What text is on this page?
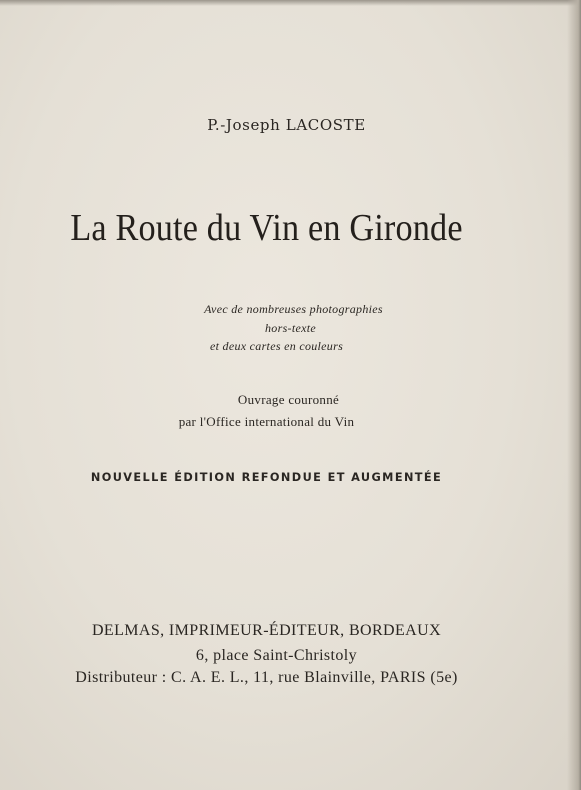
P.-Joseph LACOSTE
La Route du Vin en Gironde
Avec de nombreuses photographies
hors-texte
et deux cartes en couleurs
Ouvrage couronné
par l'Office international du Vin
NOUVELLE ÉDITION REFONDUE ET AUGMENTÉE
DELMAS, IMPRIMEUR-ÉDITEUR, BORDEAUX
6, place Saint-Christoly
Distributeur : C. A. E. L., 11, rue Blainville, PARIS (5e)
